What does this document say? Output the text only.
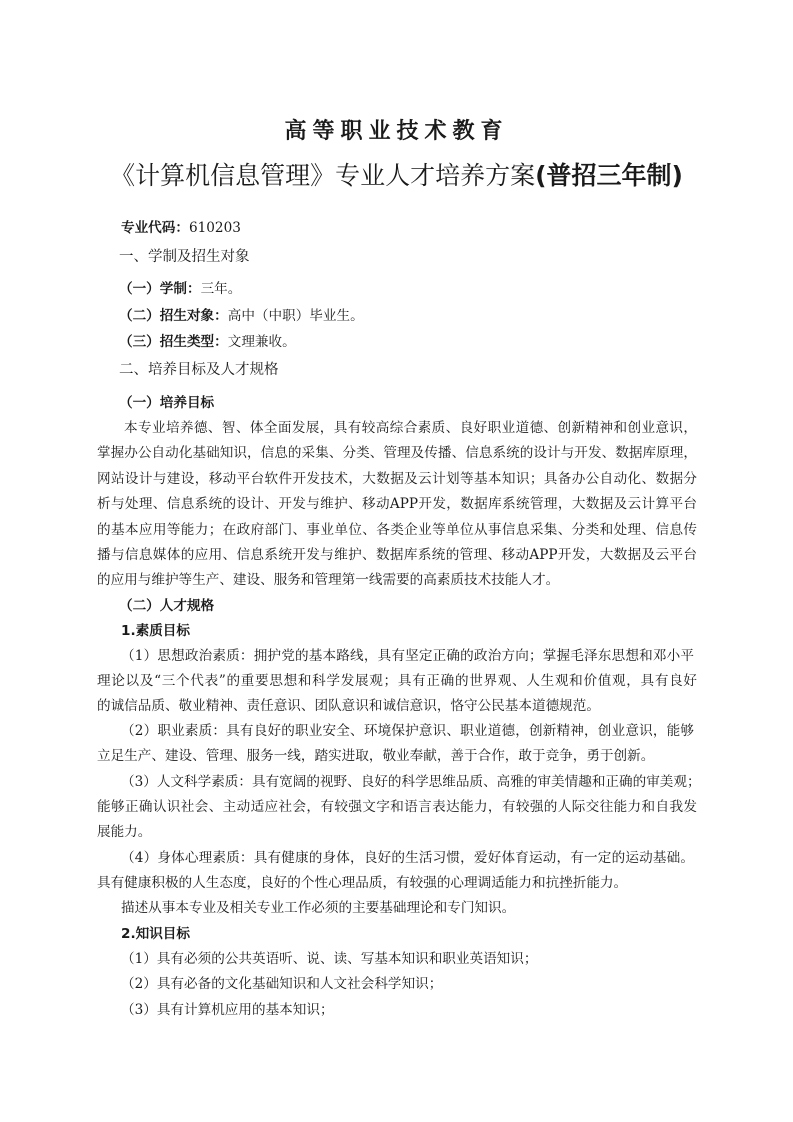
高等职业技术教育
《计算机信息管理》专业人才培养方案(普招三年制)
专业代码：610203
一、学制及招生对象
（一）学制：三年。
（二）招生对象：高中（中职）毕业生。
（三）招生类型：文理兼收。
二、培养目标及人才规格
（一）培养目标
本专业培养德、智、体全面发展，具有较高综合素质、良好职业道德、创新精神和创业意识，
掌握办公自动化基础知识，信息的采集、分类、管理及传播、信息系统的设计与开发、数据库原理，
网站设计与建设，移动平台软件开发技术，大数据及云计划等基本知识；具备办公自动化、数据分
析与处理、信息系统的设计、开发与维护、移动APP开发，数据库系统管理，大数据及云计算平台
的基本应用等能力；在政府部门、事业单位、各类企业等单位从事信息采集、分类和处理、信息传
播与信息媒体的应用、信息系统开发与维护、数据库系统的管理、移动APP开发，大数据及云平台
的应用与维护等生产、建设、服务和管理第一线需要的高素质技术技能人才。
（二）人才规格
1.素质目标
（1）思想政治素质：拥护党的基本路线，具有坚定正确的政治方向；掌握毛泽东思想和邓小平
理论以及“三个代表”的重要思想和科学发展观；具有正确的世界观、人生观和价值观，具有良好
的诚信品质、敬业精神、责任意识、团队意识和诚信意识，恪守公民基本道德规范。
（2）职业素质：具有良好的职业安全、环境保护意识、职业道德，创新精神，创业意识，能够
立足生产、建设、管理、服务一线，踏实进取，敬业奉献，善于合作，敢于竞争，勇于创新。
（3）人文科学素质：具有宽阔的视野、良好的科学思维品质、高雅的审美情趣和正确的审美观；
能够正确认识社会、主动适应社会，有较强文字和语言表达能力，有较强的人际交往能力和自我发
展能力。
（4）身体心理素质：具有健康的身体，良好的生活习惯，爱好体育运动，有一定的运动基础。
具有健康积极的人生态度，良好的个性心理品质，有较强的心理调适能力和抗挫折能力。
描述从事本专业及相关专业工作必须的主要基础理论和专门知识。
2.知识目标
（1）具有必须的公共英语听、说、读、写基本知识和职业英语知识；
（2）具有必备的文化基础知识和人文社会科学知识；
（3）具有计算机应用的基本知识；
